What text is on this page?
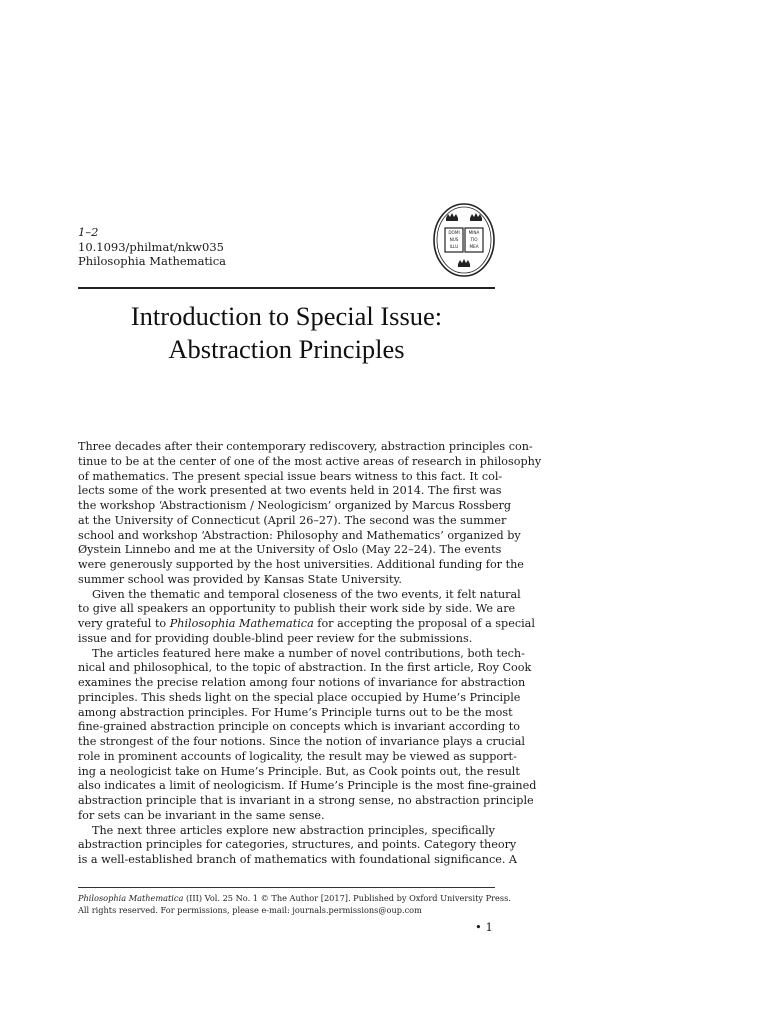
1–2
10.1093/philmat/nkw035
Philosophia Mathematica
DOMI
NUS
ILLU
MINA
TIO
MEA
Introduction to Special Issue:
Abstraction Principles
Three decades after their contemporary rediscovery, abstraction principles con-
tinue to be at the center of one of the most active areas of research in philosophy
of mathematics. The present special issue bears witness to this fact. It col-
lects some of the work presented at two events held in 2014. The first was
the workshop ‘Abstractionism / Neologicism’ organized by Marcus Rossberg
at the University of Connecticut (April 26–27). The second was the summer
school and workshop ‘Abstraction: Philosophy and Mathematics’ organized by
Øystein Linnebo and me at the University of Oslo (May 22–24). The events
were generously supported by the host universities. Additional funding for the
summer school was provided by Kansas State University.
Given the thematic and temporal closeness of the two events, it felt natural
to give all speakers an opportunity to publish their work side by side. We are
very grateful to Philosophia Mathematica for accepting the proposal of a special
issue and for providing double-blind peer review for the submissions.
The articles featured here make a number of novel contributions, both tech-
nical and philosophical, to the topic of abstraction. In the first article, Roy Cook
examines the precise relation among four notions of invariance for abstraction
principles. This sheds light on the special place occupied by Hume’s Principle
among abstraction principles. For Hume’s Principle turns out to be the most
fine-grained abstraction principle on concepts which is invariant according to
the strongest of the four notions. Since the notion of invariance plays a crucial
role in prominent accounts of logicality, the result may be viewed as support-
ing a neologicist take on Hume’s Principle. But, as Cook points out, the result
also indicates a limit of neologicism. If Hume’s Principle is the most fine-grained
abstraction principle that is invariant in a strong sense, no abstraction principle
for sets can be invariant in the same sense.
The next three articles explore new abstraction principles, specifically
abstraction principles for categories, structures, and points. Category theory
is a well-established branch of mathematics with foundational significance. A
Philosophia Mathematica (III) Vol. 25 No. 1 © The Author [2017]. Published by Oxford University Press.
All rights reserved. For permissions, please e-mail: journals.permissions@oup.com
• 1
